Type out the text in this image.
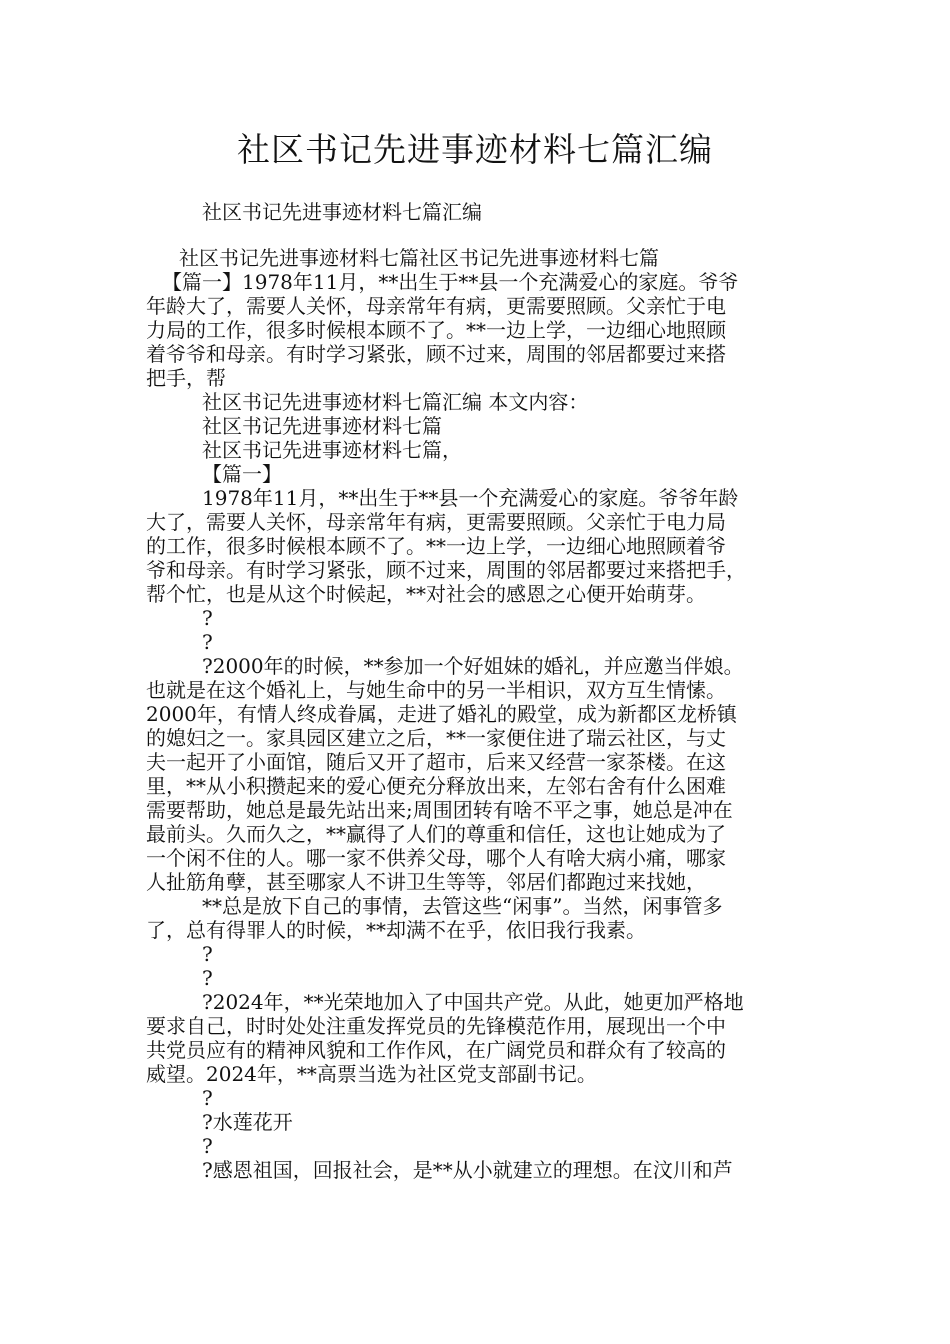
社区书记先进事迹材料七篇汇编

社区书记先进事迹材料七篇汇编

社区书记先进事迹材料七篇社区书记先进事迹材料七篇

【篇一】1978年11月，**出生于**县一个充满爱心的家庭。爷爷

年龄大了，需要人关怀，母亲常年有病，更需要照顾。父亲忙于电

力局的工作，很多时候根本顾不了。**一边上学，一边细心地照顾

着爷爷和母亲。有时学习紧张，顾不过来，周围的邻居都要过来搭

把手，帮

社区书记先进事迹材料七篇汇编 本文内容：

社区书记先进事迹材料七篇

社区书记先进事迹材料七篇，

【篇一】

1978年11月，**出生于**县一个充满爱心的家庭。爷爷年龄

大了，需要人关怀，母亲常年有病，更需要照顾。父亲忙于电力局

的工作，很多时候根本顾不了。**一边上学，一边细心地照顾着爷

爷和母亲。有时学习紧张，顾不过来，周围的邻居都要过来搭把手，

帮个忙，也是从这个时候起，**对社会的感恩之心便开始萌芽。

?

?

?2000年的时候，**参加一个好姐妹的婚礼，并应邀当伴娘。

也就是在这个婚礼上，与她生命中的另一半相识，双方互生情愫。

2000年，有情人终成眷属，走进了婚礼的殿堂，成为新都区龙桥镇

的媳妇之一。家具园区建立之后，**一家便住进了瑞云社区，与丈

夫一起开了小面馆，随后又开了超市，后来又经营一家茶楼。在这

里，**从小积攒起来的爱心便充分释放出来，左邻右舍有什么困难

需要帮助，她总是最先站出来;周围团转有啥不平之事，她总是冲在

最前头。久而久之，**赢得了人们的尊重和信任，这也让她成为了

一个闲不住的人。哪一家不供养父母，哪个人有啥大病小痛，哪家

人扯筋角孽，甚至哪家人不讲卫生等等，邻居们都跑过来找她，

**总是放下自己的事情，去管这些“闲事”。当然，闲事管多

了，总有得罪人的时候，**却满不在乎，依旧我行我素。

?

?

?2024年，**光荣地加入了中国共产党。从此，她更加严格地

要求自己，时时处处注重发挥党员的先锋模范作用，展现出一个中

共党员应有的精神风貌和工作作风，在广阔党员和群众有了较高的

威望。2024年，**高票当选为社区党支部副书记。

?

?水莲花开

?

?感恩祖国，回报社会，是**从小就建立的理想。在汶川和芦
